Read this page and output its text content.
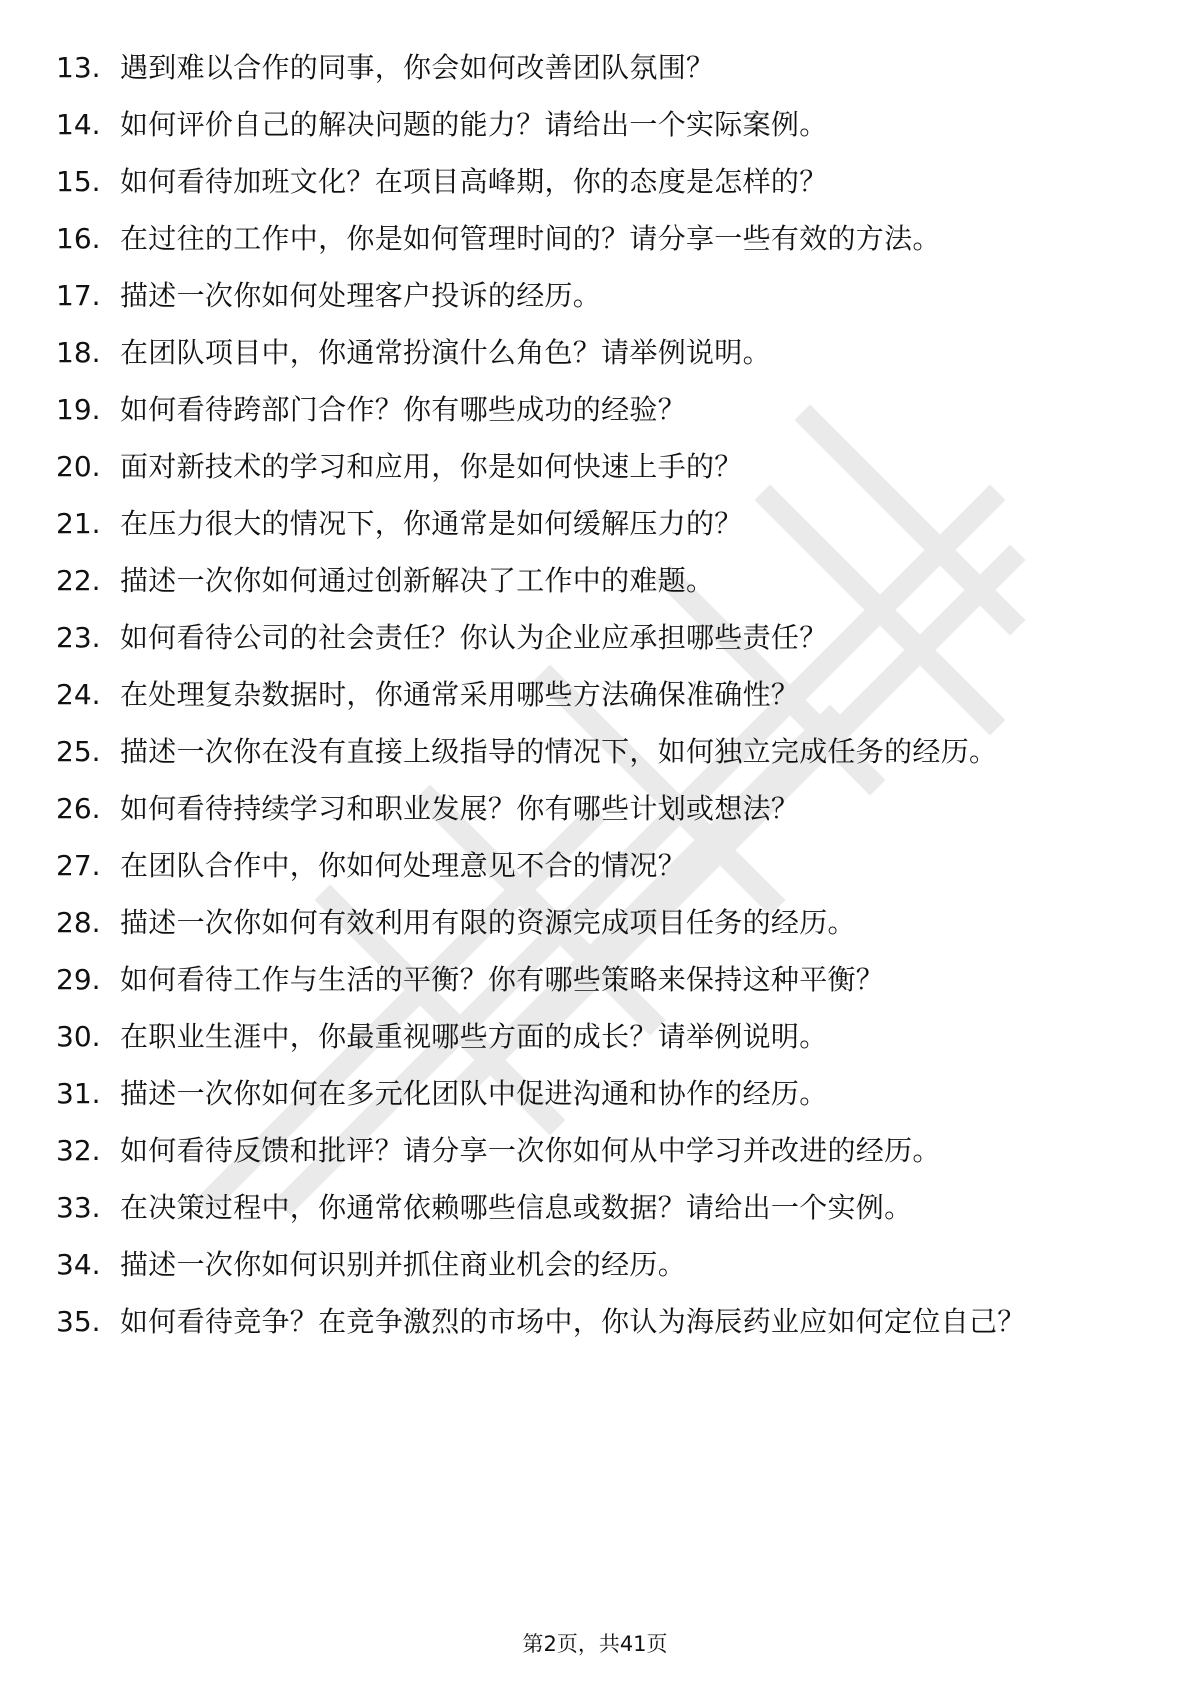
13. 遇到难以合作的同事，你会如何改善团队氛围？
14. 如何评价自己的解决问题的能力？请给出一个实际案例。
15. 如何看待加班文化？在项目高峰期，你的态度是怎样的？
16. 在过往的工作中，你是如何管理时间的？请分享一些有效的方法。
17. 描述一次你如何处理客户投诉的经历。
18. 在团队项目中，你通常扮演什么角色？请举例说明。
19. 如何看待跨部门合作？你有哪些成功的经验？
20. 面对新技术的学习和应用，你是如何快速上手的？
21. 在压力很大的情况下，你通常是如何缓解压力的？
22. 描述一次你如何通过创新解决了工作中的难题。
23. 如何看待公司的社会责任？你认为企业应承担哪些责任？
24. 在处理复杂数据时，你通常采用哪些方法确保准确性？
25. 描述一次你在没有直接上级指导的情况下，如何独立完成任务的经历。
26. 如何看待持续学习和职业发展？你有哪些计划或想法？
27. 在团队合作中，你如何处理意见不合的情况？
28. 描述一次你如何有效利用有限的资源完成项目任务的经历。
29. 如何看待工作与生活的平衡？你有哪些策略来保持这种平衡？
30. 在职业生涯中，你最重视哪些方面的成长？请举例说明。
31. 描述一次你如何在多元化团队中促进沟通和协作的经历。
32. 如何看待反馈和批评？请分享一次你如何从中学习并改进的经历。
33. 在决策过程中，你通常依赖哪些信息或数据？请给出一个实例。
34. 描述一次你如何识别并抓住商业机会的经历。
35. 如何看待竞争？在竞争激烈的市场中，你认为海辰药业应如何定位自己？
第2页，共41页
